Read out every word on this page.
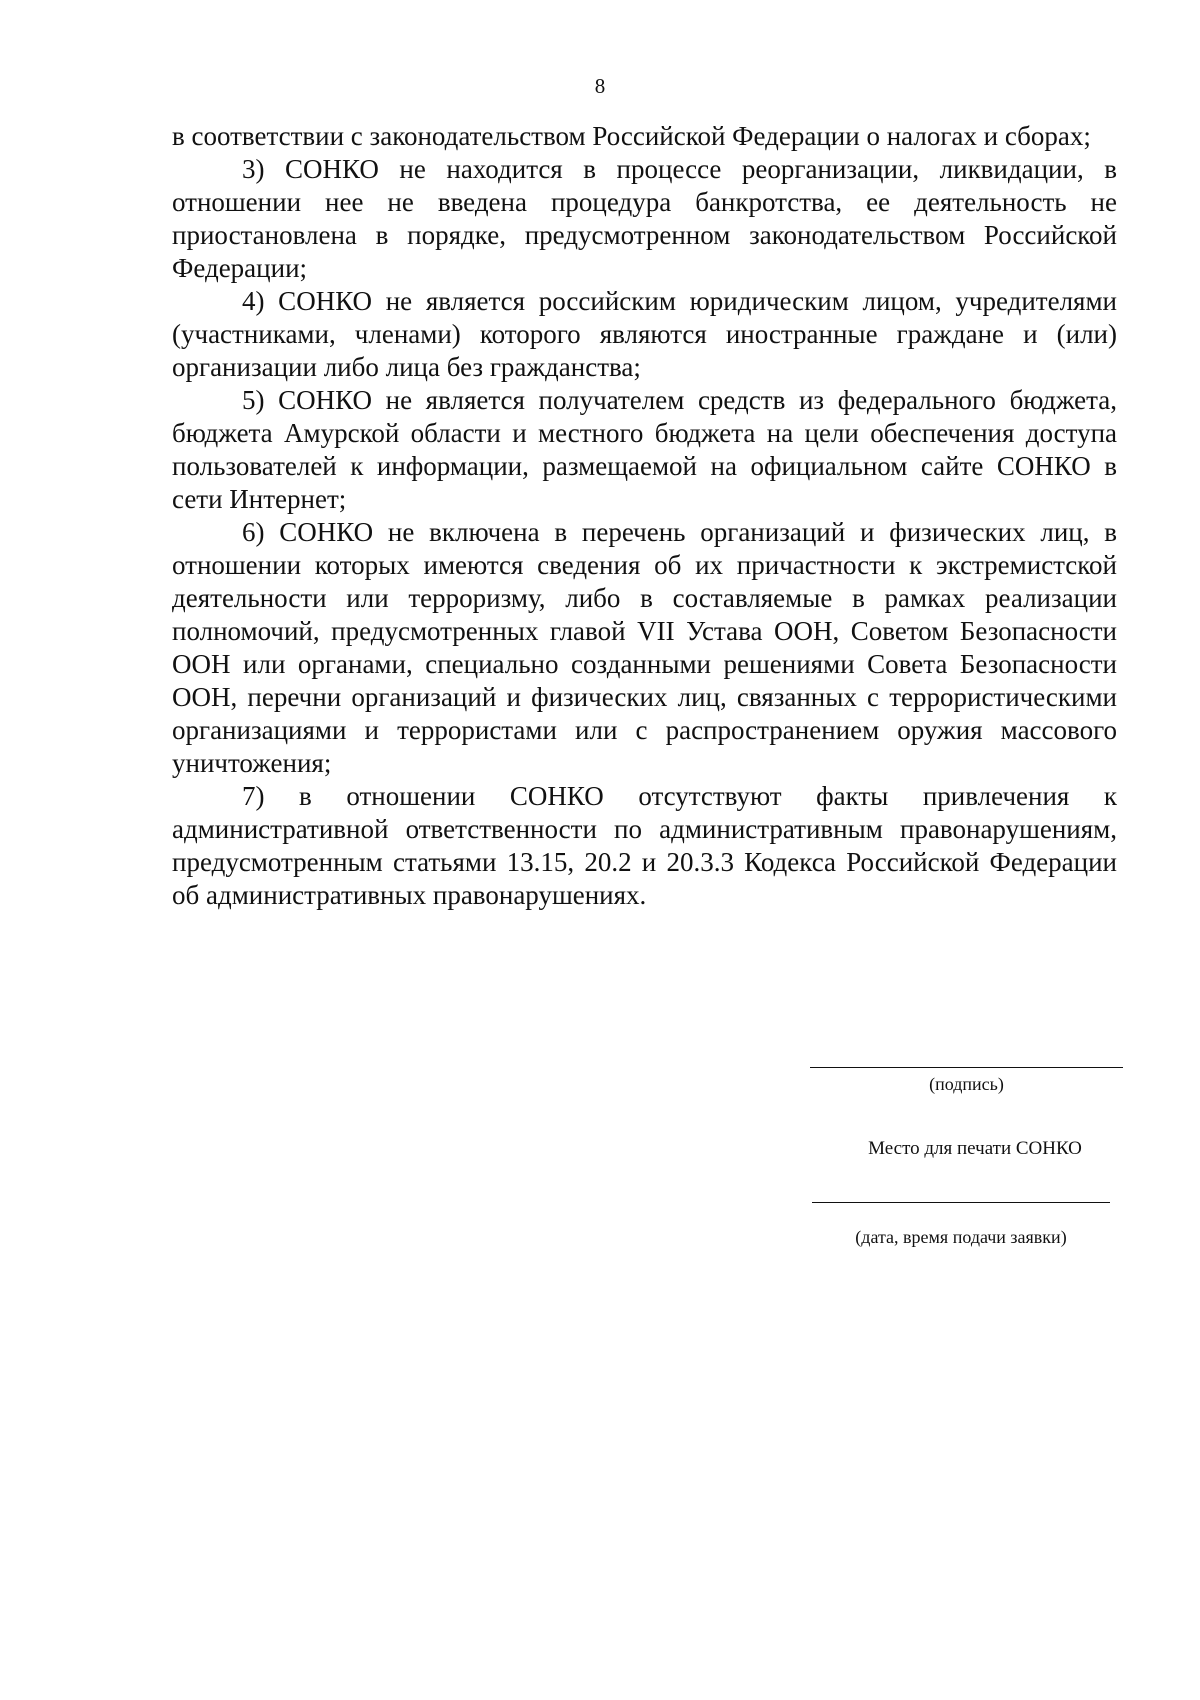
8

в соответствии с законодательством Российской Федерации о налогах и сборах;

3) СОНКО не находится в процессе реорганизации, ликвидации, в отношении нее не введена процедура банкротства, ее деятельность не приостановлена в порядке, предусмотренном законодательством Российской Федерации;

4) СОНКО не является российским юридическим лицом, учредителями (участниками, членами) которого являются иностранные граждане и (или) организации либо лица без гражданства;

5) СОНКО не является получателем средств из федерального бюджета, бюджета Амурской области и местного бюджета на цели обеспечения доступа пользователей к информации, размещаемой на официальном сайте СОНКО в сети Интернет;

6) СОНКО не включена в перечень организаций и физических лиц, в отношении которых имеются сведения об их причастности к экстремистской деятельности или терроризму, либо в составляемые в рамках реализации полномочий, предусмотренных главой VII Устава ООН, Советом Безопасности ООН или органами, специально созданными решениями Совета Безопасности ООН, перечни организаций и физических лиц, связанных с террористическими организациями и террористами или с распространением оружия массового уничтожения;

7) в отношении СОНКО отсутствуют факты привлечения к административной ответственности по административным правонарушениям, предусмотренным статьями 13.15, 20.2 и 20.3.3 Кодекса Российской Федерации об административных правонарушениях.

(подпись)
Место для печати СОНКО
(дата, время подачи заявки)
